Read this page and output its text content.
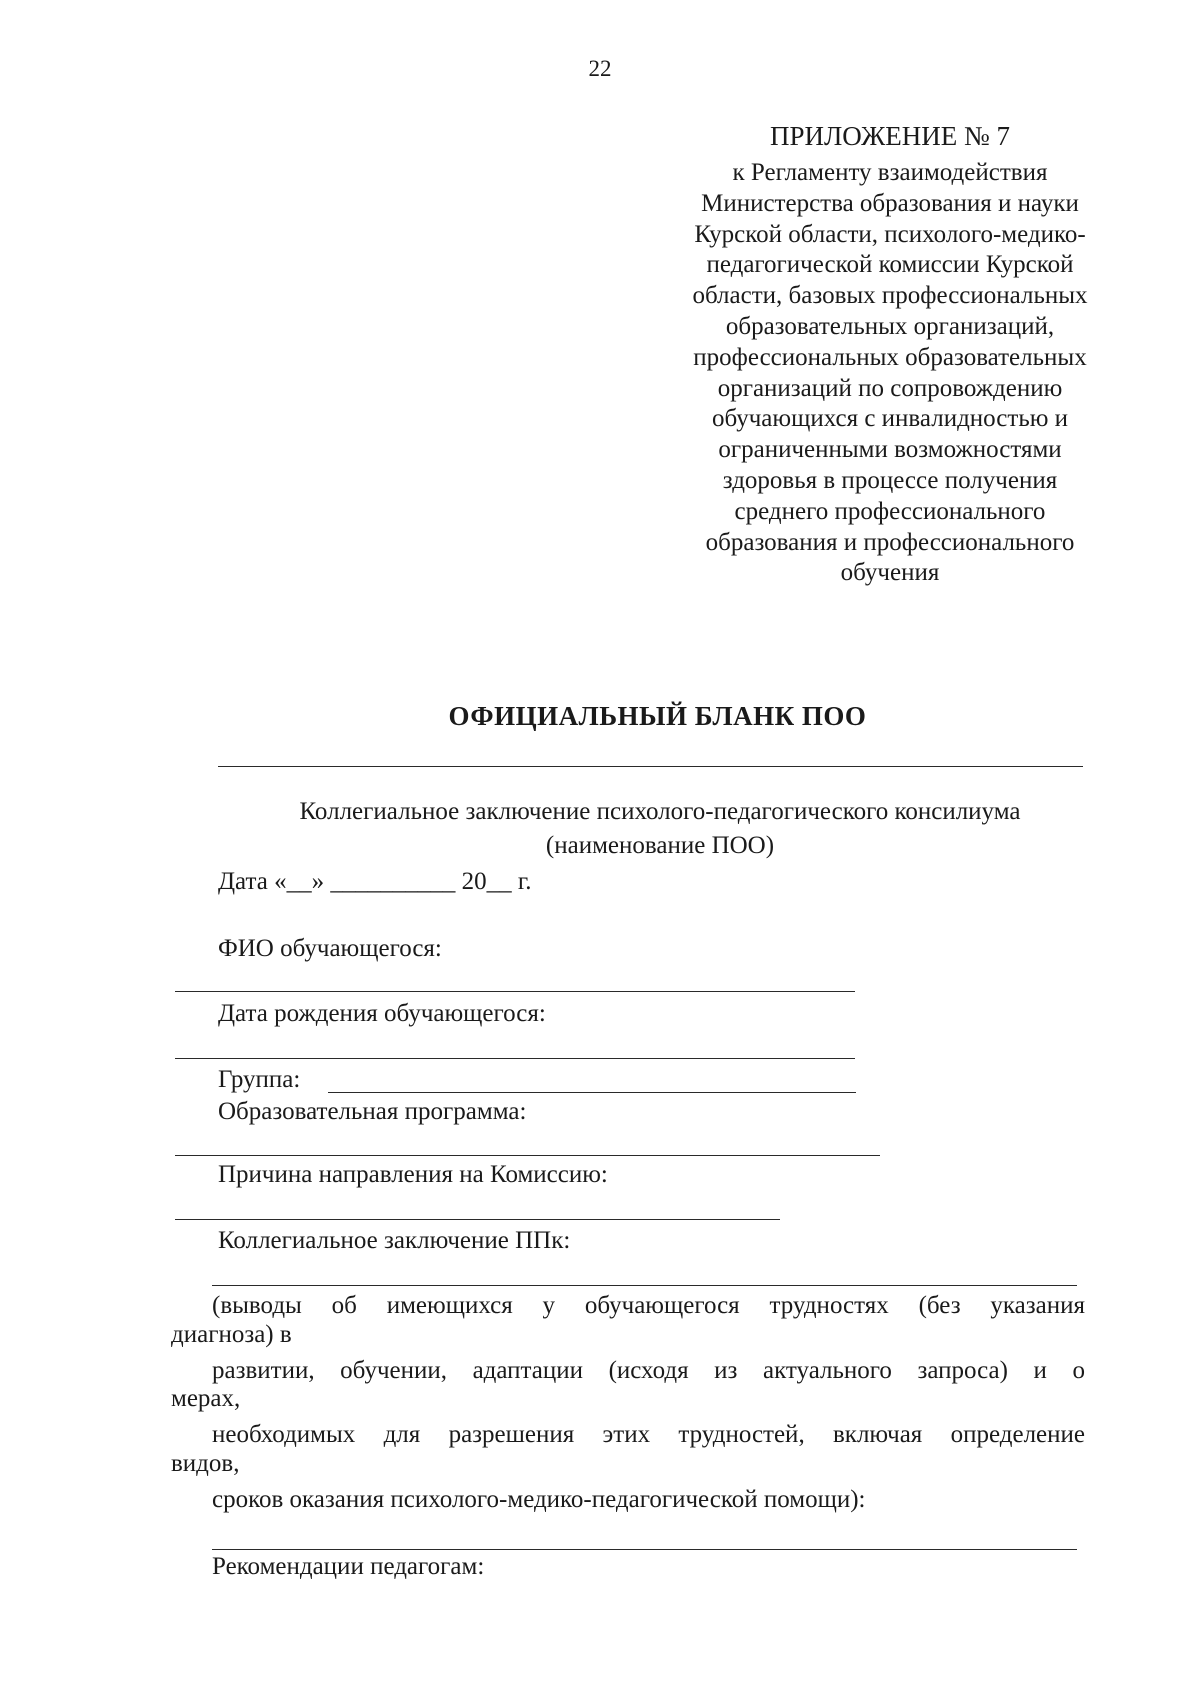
22
ПРИЛОЖЕНИЕ № 7
к Регламенту взаимодействия
Министерства образования и науки
Курской области, психолого-медико-
педагогической комиссии Курской
области, базовых профессиональных
образовательных организаций,
профессиональных образовательных
организаций по сопровождению
обучающихся с инвалидностью и
ограниченными возможностями
здоровья в процессе получения
среднего профессионального
образования и профессионального
обучения
ОФИЦИАЛЬНЫЙ БЛАНК ПОО
Коллегиальное заключение психолого-педагогического консилиума
(наименование ПОО)
Дата «__» __________ 20__ г.
ФИО обучающегося:
Дата рождения обучающегося:
Группа:
Образовательная программа:
Причина направления на Комиссию:
Коллегиальное заключение ППк:
(выводы об имеющихся у обучающегося трудностях (без указания
диагноза) в
развитии, обучении, адаптации (исходя из актуального запроса) и о
мерах,
необходимых для разрешения этих трудностей, включая определение
видов,
сроков оказания психолого-медико-педагогической помощи):
Рекомендации педагогам:
